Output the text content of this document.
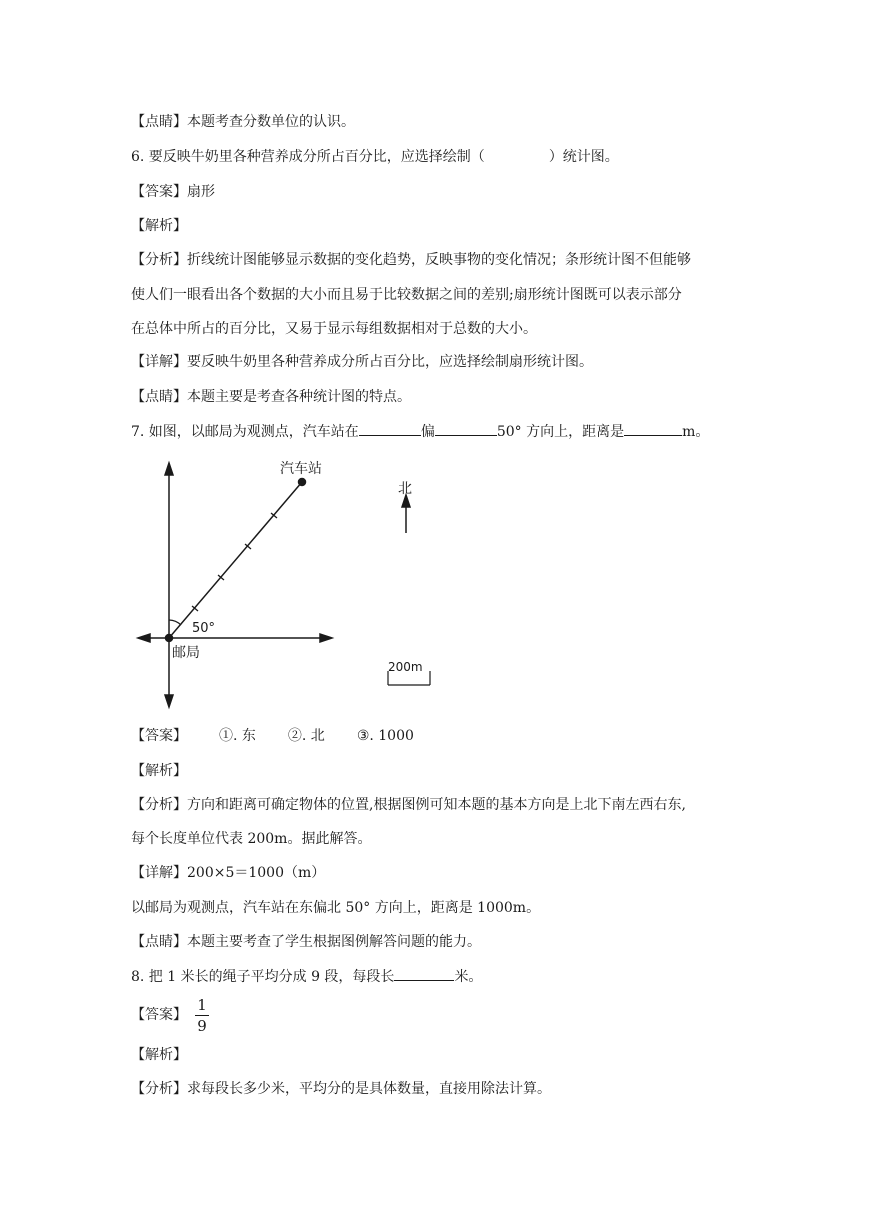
【点睛】本题考查分数单位的认识。
6. 要反映牛奶里各种营养成分所占百分比，应选择绘制（	）统计图。
【答案】扇形
【解析】
【分析】折线统计图能够显示数据的变化趋势，反映事物的变化情况；条形统计图不但能够
使人们一眼看出各个数据的大小而且易于比较数据之间的差别;扇形统计图既可以表示部分
在总体中所占的百分比，又易于显示每组数据相对于总数的大小。
【详解】要反映牛奶里各种营养成分所占百分比，应选择绘制扇形统计图。
【点睛】本题主要是考查各种统计图的特点。
7. 如图，以邮局为观测点，汽车站在	偏	50° 方向上，距离是	m。
汽车站
邮局
50°
北
200m
【答案】 ①. 东 ②. 北 ③. 1000
【解析】
【分析】方向和距离可确定物体的位置,根据图例可知本题的基本方向是上北下南左西右东,
每个长度单位代表 200m。据此解答。
【详解】200×5＝1000（m）
以邮局为观测点，汽车站在东偏北 50° 方向上，距离是 1000m。
【点睛】本题主要考查了学生根据图例解答问题的能力。
8. 把 1 米长的绳子平均分成 9 段，每段长	米。
【答案】
1
9
【解析】
【分析】求每段长多少米，平均分的是具体数量，直接用除法计算。
